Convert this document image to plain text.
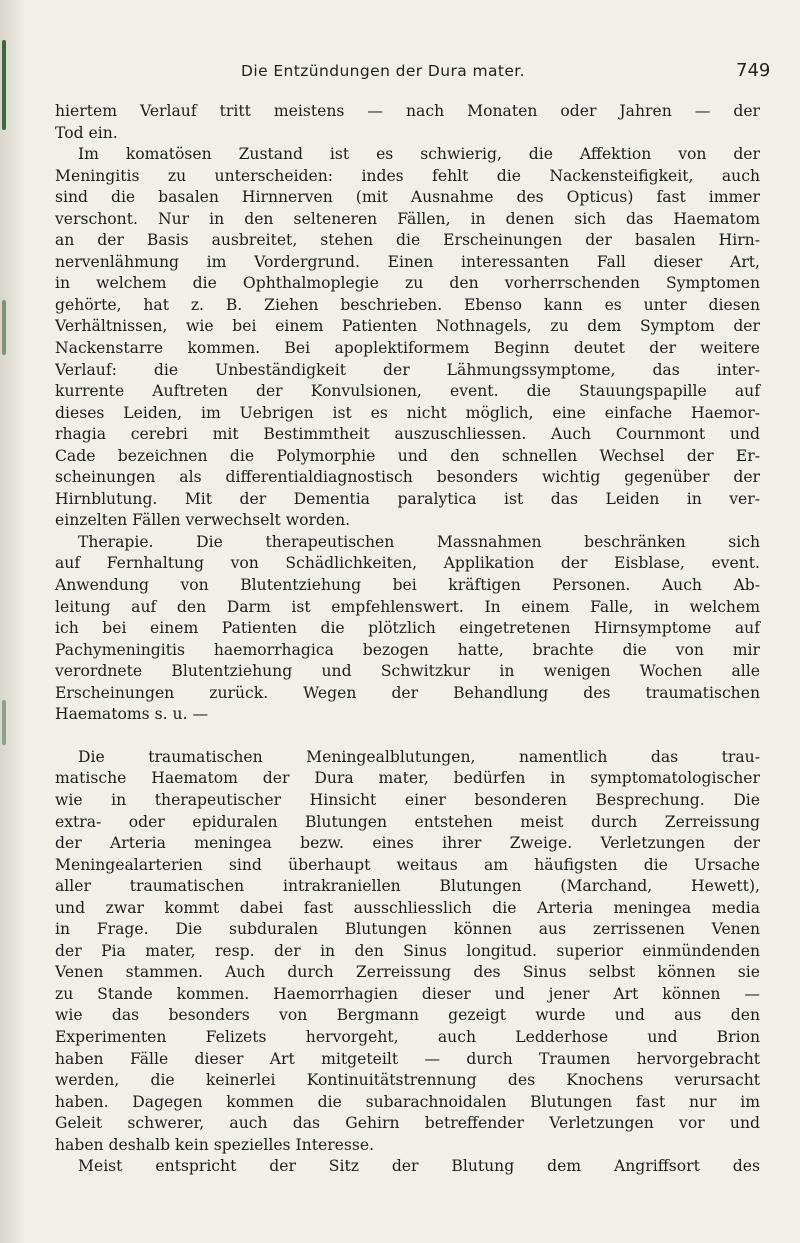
Die Entzündungen der Dura mater.	749
hiertem Verlauf tritt meistens — nach Monaten oder Jahren — der
Tod ein.
Im komatösen Zustand ist es schwierig, die Affektion von der
Meningitis zu unterscheiden: indes fehlt die Nackensteifigkeit, auch
sind die basalen Hirnnerven (mit Ausnahme des Opticus) fast immer
verschont. Nur in den selteneren Fällen, in denen sich das Haematom
an der Basis ausbreitet, stehen die Erscheinungen der basalen Hirn-
nervenlähmung im Vordergrund. Einen interessanten Fall dieser Art,
in welchem die Ophthalmoplegie zu den vorherrschenden Symptomen
gehörte, hat z. B. Ziehen beschrieben. Ebenso kann es unter diesen
Verhältnissen, wie bei einem Patienten Nothnagels, zu dem Symptom der
Nackenstarre kommen. Bei apoplektiformem Beginn deutet der weitere
Verlauf: die Unbeständigkeit der Lähmungssymptome, das inter-
kurrente Auftreten der Konvulsionen, event. die Stauungspapille auf
dieses Leiden, im Uebrigen ist es nicht möglich, eine einfache Haemor-
rhagia cerebri mit Bestimmtheit auszuschliessen. Auch Cournmont und
Cade bezeichnen die Polymorphie und den schnellen Wechsel der Er-
scheinungen als differentialdiagnostisch besonders wichtig gegenüber der
Hirnblutung. Mit der Dementia paralytica ist das Leiden in ver-
einzelten Fällen verwechselt worden.
Therapie. Die therapeutischen Massnahmen beschränken sich
auf Fernhaltung von Schädlichkeiten, Applikation der Eisblase, event.
Anwendung von Blutentziehung bei kräftigen Personen. Auch Ab-
leitung auf den Darm ist empfehlenswert. In einem Falle, in welchem
ich bei einem Patienten die plötzlich eingetretenen Hirnsymptome auf
Pachymeningitis haemorrhagica bezogen hatte, brachte die von mir
verordnete Blutentziehung und Schwitzkur in wenigen Wochen alle
Erscheinungen zurück. Wegen der Behandlung des traumatischen
Haematoms s. u. —
Die traumatischen Meningealblutungen, namentlich das trau-
matische Haematom der Dura mater, bedürfen in symptomatologischer
wie in therapeutischer Hinsicht einer besonderen Besprechung. Die
extra- oder epiduralen Blutungen entstehen meist durch Zerreissung
der Arteria meningea bezw. eines ihrer Zweige. Verletzungen der
Meningealarterien sind überhaupt weitaus am häufigsten die Ursache
aller traumatischen intrakraniellen Blutungen (Marchand, Hewett),
und zwar kommt dabei fast ausschliesslich die Arteria meningea media
in Frage. Die subduralen Blutungen können aus zerrissenen Venen
der Pia mater, resp. der in den Sinus longitud. superior einmündenden
Venen stammen. Auch durch Zerreissung des Sinus selbst können sie
zu Stande kommen. Haemorrhagien dieser und jener Art können —
wie das besonders von Bergmann gezeigt wurde und aus den
Experimenten Felizets hervorgeht, auch Ledderhose und Brion
haben Fälle dieser Art mitgeteilt — durch Traumen hervorgebracht
werden, die keinerlei Kontinuitätstrennung des Knochens verursacht
haben. Dagegen kommen die subarachnoidalen Blutungen fast nur im
Geleit schwerer, auch das Gehirn betreffender Verletzungen vor und
haben deshalb kein spezielles Interesse.
Meist entspricht der Sitz der Blutung dem Angriffsort des
